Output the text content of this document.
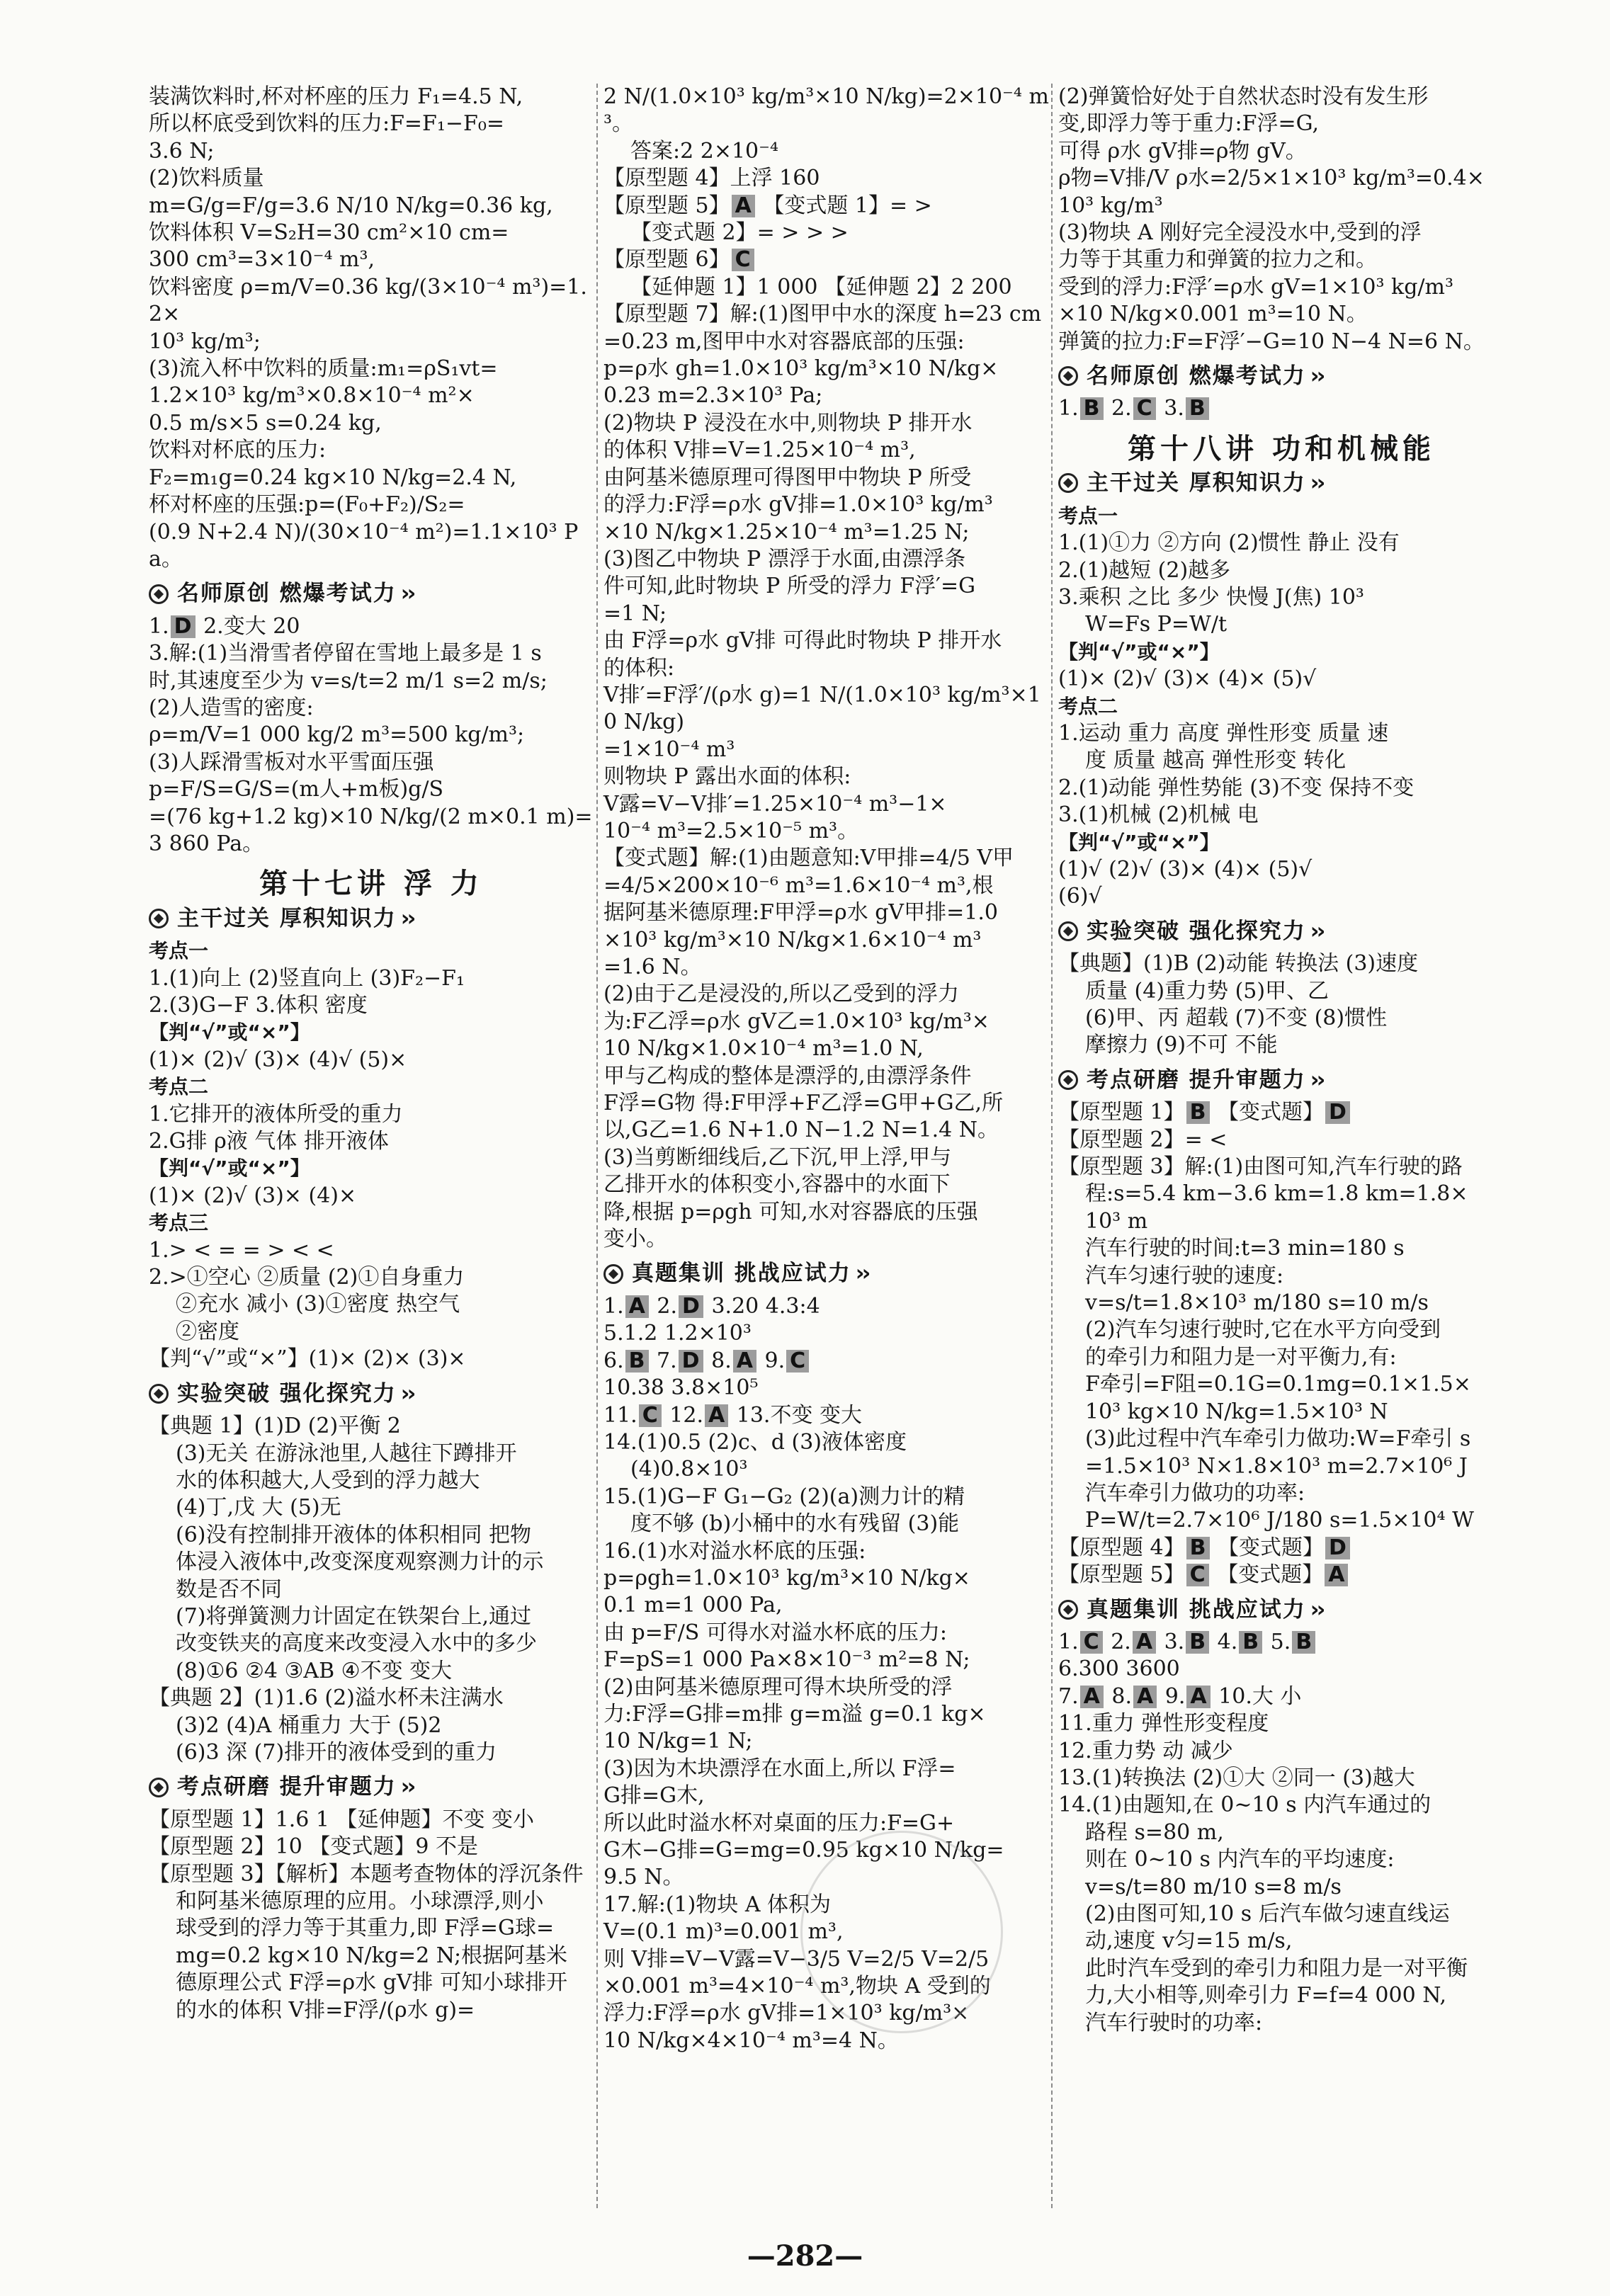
装满饮料时,杯对杯座的压力 F₁=4.5 N,
所以杯底受到饮料的压力:F=F₁−F₀=
3.6 N;
(2)饮料质量
m=G/g=F/g=3.6 N/10 N/kg=0.36 kg,
饮料体积 V=S₂H=30 cm²×10 cm=
300 cm³=3×10⁻⁴ m³,
饮料密度 ρ=m/V=0.36 kg/(3×10⁻⁴ m³)=1.2×
10³ kg/m³;
(3)流入杯中饮料的质量:m₁=ρS₁vt=
1.2×10³ kg/m³×0.8×10⁻⁴ m²×
0.5 m/s×5 s=0.24 kg,
饮料对杯底的压力:
F₂=m₁g=0.24 kg×10 N/kg=2.4 N,
杯对杯座的压强:p=(F₀+F₂)/S₂=
(0.9 N+2.4 N)/(30×10⁻⁴ m²)=1.1×10³ Pa。
名师原创 燃爆考试力 ››
1. D 2.变大 20
3.解:(1)当滑雪者停留在雪地上最多是 1 s
时,其速度至少为 v=s/t=2 m/1 s=2 m/s;
(2)人造雪的密度:
ρ=m/V=1 000 kg/2 m³=500 kg/m³;
(3)人踩滑雪板对水平雪面压强
p=F/S=G/S=(m人+m板)g/S
=(76 kg+1.2 kg)×10 N/kg/(2 m×0.1 m)=3 860 Pa。
第十七讲 浮 力
主干过关 厚积知识力 ››
考点一
1.(1)向上 (2)竖直向上 (3)F₂−F₁
2.(3)G−F 3.体积 密度
【判“√”或“×”】
(1)× (2)√ (3)× (4)√ (5)×
考点二
1.它排开的液体所受的重力
2.G排 ρ液 气体 排开液体
【判“√”或“×”】
(1)× (2)√ (3)× (4)×
考点三
1.> < = = > < <
2.>①空心 ②质量 (2)①自身重力
②充水 减小 (3)①密度 热空气
②密度
【判“√”或“×”】(1)× (2)× (3)×
实验突破 强化探究力 ››
【典题 1】(1)D (2)平衡 2
(3)无关 在游泳池里,人越往下蹲排开
水的体积越大,人受到的浮力越大
(4)丁,戊 大 (5)无
(6)没有控制排开液体的体积相同 把物
体浸入液体中,改变深度观察测力计的示
数是否不同
(7)将弹簧测力计固定在铁架台上,通过
改变铁夹的高度来改变浸入水中的多少
(8)①6 ②4 ③AB ④不变 变大
【典题 2】(1)1.6 (2)溢水杯未注满水
(3)2 (4)A 桶重力 大于 (5)2
(6)3 深 (7)排开的液体受到的重力
考点研磨 提升审题力 ››
【原型题 1】1.6 1 【延伸题】不变 变小
【原型题 2】10 【变式题】9 不是
【原型题 3】【解析】本题考查物体的浮沉条件
和阿基米德原理的应用。小球漂浮,则小
球受到的浮力等于其重力,即 F浮=G球=
mg=0.2 kg×10 N/kg=2 N;根据阿基米
德原理公式 F浮=ρ水 gV排 可知小球排开
的水的体积 V排=F浮/(ρ水 g)=
2 N/(1.0×10³ kg/m³×10 N/kg)=2×10⁻⁴ m³。
答案:2 2×10⁻⁴
【原型题 4】上浮 160
【原型题 5】 A 【变式题 1】= >
【变式题 2】= > > >
【原型题 6】 C
【延伸题 1】1 000 【延伸题 2】2 200
【原型题 7】解:(1)图甲中水的深度 h=23 cm
=0.23 m,图甲中水对容器底部的压强:
p=ρ水 gh=1.0×10³ kg/m³×10 N/kg×
0.23 m=2.3×10³ Pa;
(2)物块 P 浸没在水中,则物块 P 排开水
的体积 V排=V=1.25×10⁻⁴ m³,
由阿基米德原理可得图甲中物块 P 所受
的浮力:F浮=ρ水 gV排=1.0×10³ kg/m³
×10 N/kg×1.25×10⁻⁴ m³=1.25 N;
(3)图乙中物块 P 漂浮于水面,由漂浮条
件可知,此时物块 P 所受的浮力 F浮′=G
=1 N;
由 F浮=ρ水 gV排 可得此时物块 P 排开水
的体积:
V排′=F浮′/(ρ水 g)=1 N/(1.0×10³ kg/m³×10 N/kg)
=1×10⁻⁴ m³
则物块 P 露出水面的体积:
V露=V−V排′=1.25×10⁻⁴ m³−1×
10⁻⁴ m³=2.5×10⁻⁵ m³。
【变式题】解:(1)由题意知:V甲排=4/5 V甲
=4/5×200×10⁻⁶ m³=1.6×10⁻⁴ m³,根
据阿基米德原理:F甲浮=ρ水 gV甲排=1.0
×10³ kg/m³×10 N/kg×1.6×10⁻⁴ m³
=1.6 N。
(2)由于乙是浸没的,所以乙受到的浮力
为:F乙浮=ρ水 gV乙=1.0×10³ kg/m³×
10 N/kg×1.0×10⁻⁴ m³=1.0 N,
甲与乙构成的整体是漂浮的,由漂浮条件
F浮=G物 得:F甲浮+F乙浮=G甲+G乙,所
以,G乙=1.6 N+1.0 N−1.2 N=1.4 N。
(3)当剪断细线后,乙下沉,甲上浮,甲与
乙排开水的体积变小,容器中的水面下
降,根据 p=ρgh 可知,水对容器底的压强
变小。
真题集训 挑战应试力 ››
1. A 2. D 3.20 4.3:4
5.1.2 1.2×10³
6. B 7. D 8. A 9. C
10.38 3.8×10⁵
11. C 12. A 13.不变 变大
14.(1)0.5 (2)c、d (3)液体密度
(4)0.8×10³
15.(1)G−F G₁−G₂ (2)(a)测力计的精
度不够 (b)小桶中的水有残留 (3)能
16.(1)水对溢水杯底的压强:
p=ρgh=1.0×10³ kg/m³×10 N/kg×
0.1 m=1 000 Pa,
由 p=F/S 可得水对溢水杯底的压力:
F=pS=1 000 Pa×8×10⁻³ m²=8 N;
(2)由阿基米德原理可得木块所受的浮
力:F浮=G排=m排 g=m溢 g=0.1 kg×
10 N/kg=1 N;
(3)因为木块漂浮在水面上,所以 F浮=
G排=G木,
所以此时溢水杯对桌面的压力:F=G+
G木−G排=G=mg=0.95 kg×10 N/kg=
9.5 N。
17.解:(1)物块 A 体积为
V=(0.1 m)³=0.001 m³,
则 V排=V−V露=V−3/5 V=2/5 V=2/5
×0.001 m³=4×10⁻⁴ m³,物块 A 受到的
浮力:F浮=ρ水 gV排=1×10³ kg/m³×
10 N/kg×4×10⁻⁴ m³=4 N。
(2)弹簧恰好处于自然状态时没有发生形
变,即浮力等于重力:F浮=G,
可得 ρ水 gV排=ρ物 gV。
ρ物=V排/V ρ水=2/5×1×10³ kg/m³=0.4×
10³ kg/m³
(3)物块 A 刚好完全浸没水中,受到的浮
力等于其重力和弹簧的拉力之和。
受到的浮力:F浮′=ρ水 gV=1×10³ kg/m³
×10 N/kg×0.001 m³=10 N。
弹簧的拉力:F=F浮′−G=10 N−4 N=6 N。
名师原创 燃爆考试力 ››
1. B 2. C 3. B
第十八讲 功和机械能
主干过关 厚积知识力 ››
考点一
1.(1)①力 ②方向 (2)惯性 静止 没有
2.(1)越短 (2)越多
3.乘积 之比 多少 快慢 J(焦) 10³
W=Fs P=W/t
【判“√”或“×”】
(1)× (2)√ (3)× (4)× (5)√
考点二
1.运动 重力 高度 弹性形变 质量 速
度 质量 越高 弹性形变 转化
2.(1)动能 弹性势能 (3)不变 保持不变
3.(1)机械 (2)机械 电
【判“√”或“×”】
(1)√ (2)√ (3)× (4)× (5)√
(6)√
实验突破 强化探究力 ››
【典题】(1)B (2)动能 转换法 (3)速度
质量 (4)重力势 (5)甲、乙
(6)甲、丙 超载 (7)不变 (8)惯性
摩擦力 (9)不可 不能
考点研磨 提升审题力 ››
【原型题 1】 B 【变式题】 D
【原型题 2】= <
【原型题 3】解:(1)由图可知,汽车行驶的路
程:s=5.4 km−3.6 km=1.8 km=1.8×
10³ m
汽车行驶的时间:t=3 min=180 s
汽车匀速行驶的速度:
v=s/t=1.8×10³ m/180 s=10 m/s
(2)汽车匀速行驶时,它在水平方向受到
的牵引力和阻力是一对平衡力,有:
F牵引=F阻=0.1G=0.1mg=0.1×1.5×
10³ kg×10 N/kg=1.5×10³ N
(3)此过程中汽车牵引力做功:W=F牵引 s
=1.5×10³ N×1.8×10³ m=2.7×10⁶ J
汽车牵引力做功的功率:
P=W/t=2.7×10⁶ J/180 s=1.5×10⁴ W
【原型题 4】 B 【变式题】 D
【原型题 5】 C 【变式题】 A
真题集训 挑战应试力 ››
1. C 2. A 3. B 4. B 5. B
6.300 3600
7. A 8. A 9. A 10.大 小
11.重力 弹性形变程度
12.重力势 动 减少
13.(1)转换法 (2)①大 ②同一 (3)越大
14.(1)由题知,在 0~10 s 内汽车通过的
路程 s=80 m,
则在 0~10 s 内汽车的平均速度:
v=s/t=80 m/10 s=8 m/s
(2)由图可知,10 s 后汽车做匀速直线运
动,速度 v匀=15 m/s,
此时汽车受到的牵引力和阻力是一对平衡
力,大小相等,则牵引力 F=f=4 000 N,
汽车行驶时的功率:
—282—
